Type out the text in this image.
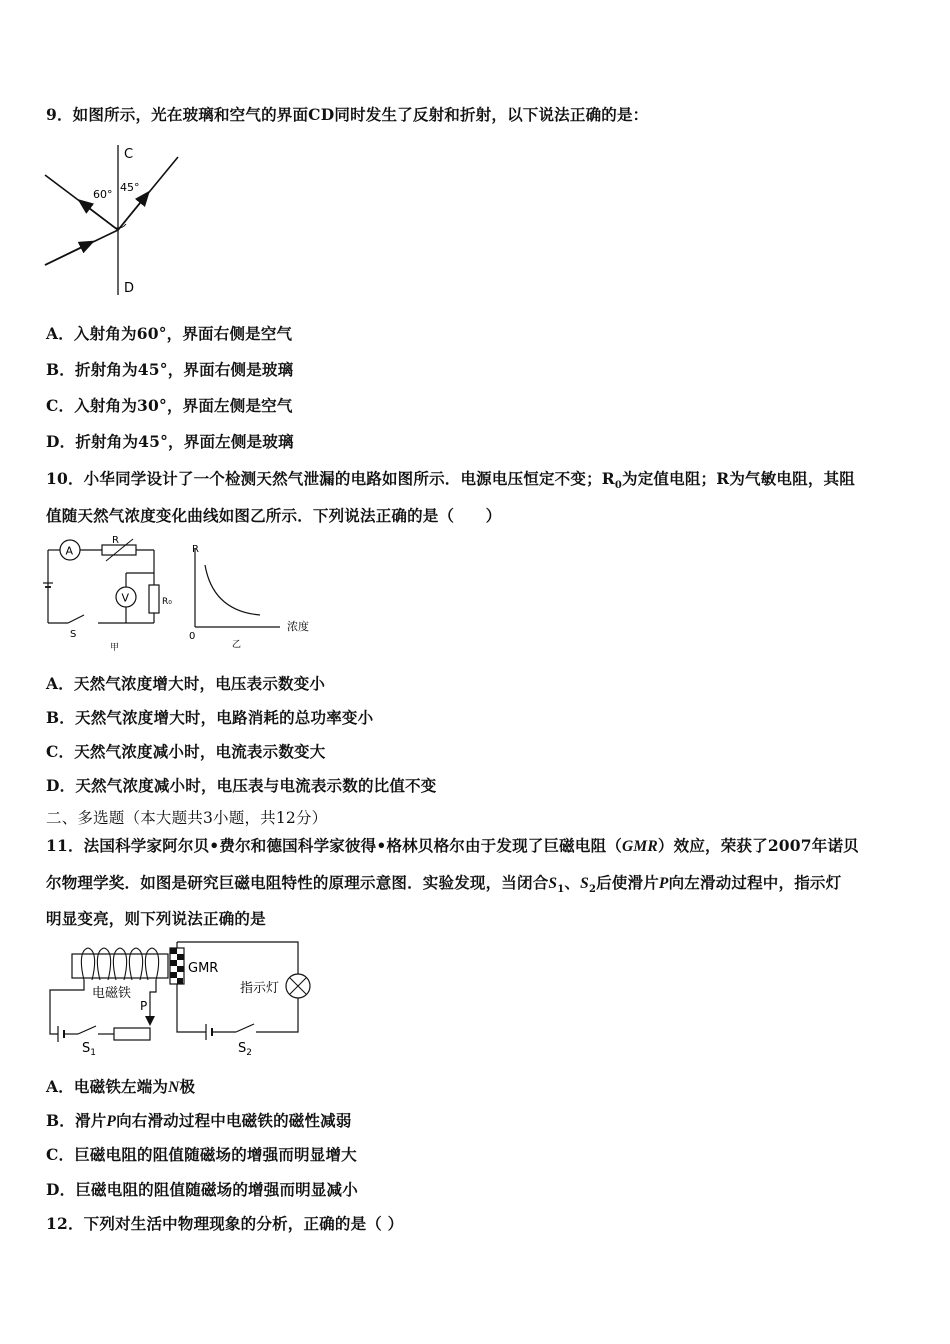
9．如图所示，光在玻璃和空气的界面CD同时发生了反射和折射，以下说法正确的是：
C
D
60°
45°
A．入射角为60°，界面右侧是空气
B．折射角为45°，界面右侧是玻璃
C．入射角为30°，界面左侧是空气
D．折射角为45°，界面左侧是玻璃
10．小华同学设计了一个检测天然气泄漏的电路如图所示．电源电压恒定不变；$R_0$为定值电阻；R为气敏电阻，其阻
值随天然气浓度变化曲线如图乙所示．下列说法正确的是（　　）
A
R
V	R₀
S
甲
R
0
浓度
乙
A．天然气浓度增大时，电压表示数变小
B．天然气浓度增大时，电路消耗的总功率变小
C．天然气浓度减小时，电流表示数变大
D．天然气浓度减小时，电压表与电流表示数的比值不变
二、多选题（本大题共3小题，共12分）
11．法国科学家阿尔贝•费尔和德国科学家彼得•格林贝格尔由于发现了巨磁电阻（GMR）效应，荣获了2007年诺贝
尔物理学奖．如图是研究巨磁电阻特性的原理示意图．实验发现，当闭合$S_1$、$S_2$后使滑片P向左滑动过程中，指示灯
明显变亮，则下列说法正确的是
电磁铁
P
$S_1$
GMR
指示灯
$S_2$
A．电磁铁左端为N极
B．滑片P向右滑动过程中电磁铁的磁性减弱
C．巨磁电阻的阻值随磁场的增强而明显增大
D．巨磁电阻的阻值随磁场的增强而明显减小
12．下列对生活中物理现象的分析，正确的是（ ）
